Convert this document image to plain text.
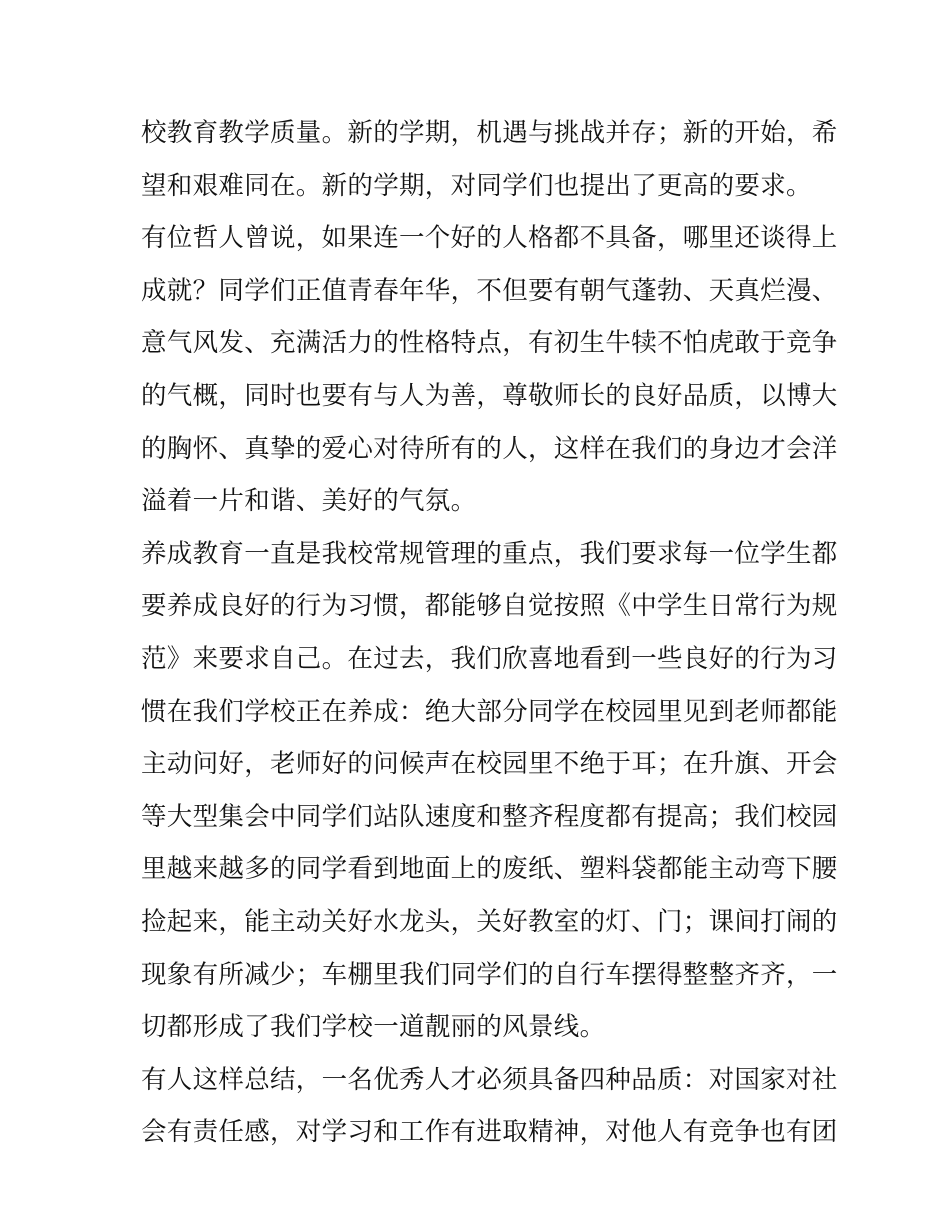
校教育教学质量。新的学期，机遇与挑战并存；新的开始，希
望和艰难同在。新的学期，对同学们也提出了更高的要求。
有位哲人曾说，如果连一个好的人格都不具备，哪里还谈得上
成就？同学们正值青春年华，不但要有朝气蓬勃、天真烂漫、
意气风发、充满活力的性格特点，有初生牛犊不怕虎敢于竞争
的气概，同时也要有与人为善，尊敬师长的良好品质，以博大
的胸怀、真挚的爱心对待所有的人，这样在我们的身边才会洋
溢着一片和谐、美好的气氛。
养成教育一直是我校常规管理的重点，我们要求每一位学生都
要养成良好的行为习惯，都能够自觉按照《中学生日常行为规
范》来要求自己。在过去，我们欣喜地看到一些良好的行为习
惯在我们学校正在养成：绝大部分同学在校园里见到老师都能
主动问好，老师好的问候声在校园里不绝于耳；在升旗、开会
等大型集会中同学们站队速度和整齐程度都有提高；我们校园
里越来越多的同学看到地面上的废纸、塑料袋都能主动弯下腰
捡起来，能主动关好水龙头，关好教室的灯、门；课间打闹的
现象有所减少；车棚里我们同学们的自行车摆得整整齐齐，一
切都形成了我们学校一道靓丽的风景线。
有人这样总结，一名优秀人才必须具备四种品质：对国家对社
会有责任感，对学习和工作有进取精神，对他人有竞争也有团
